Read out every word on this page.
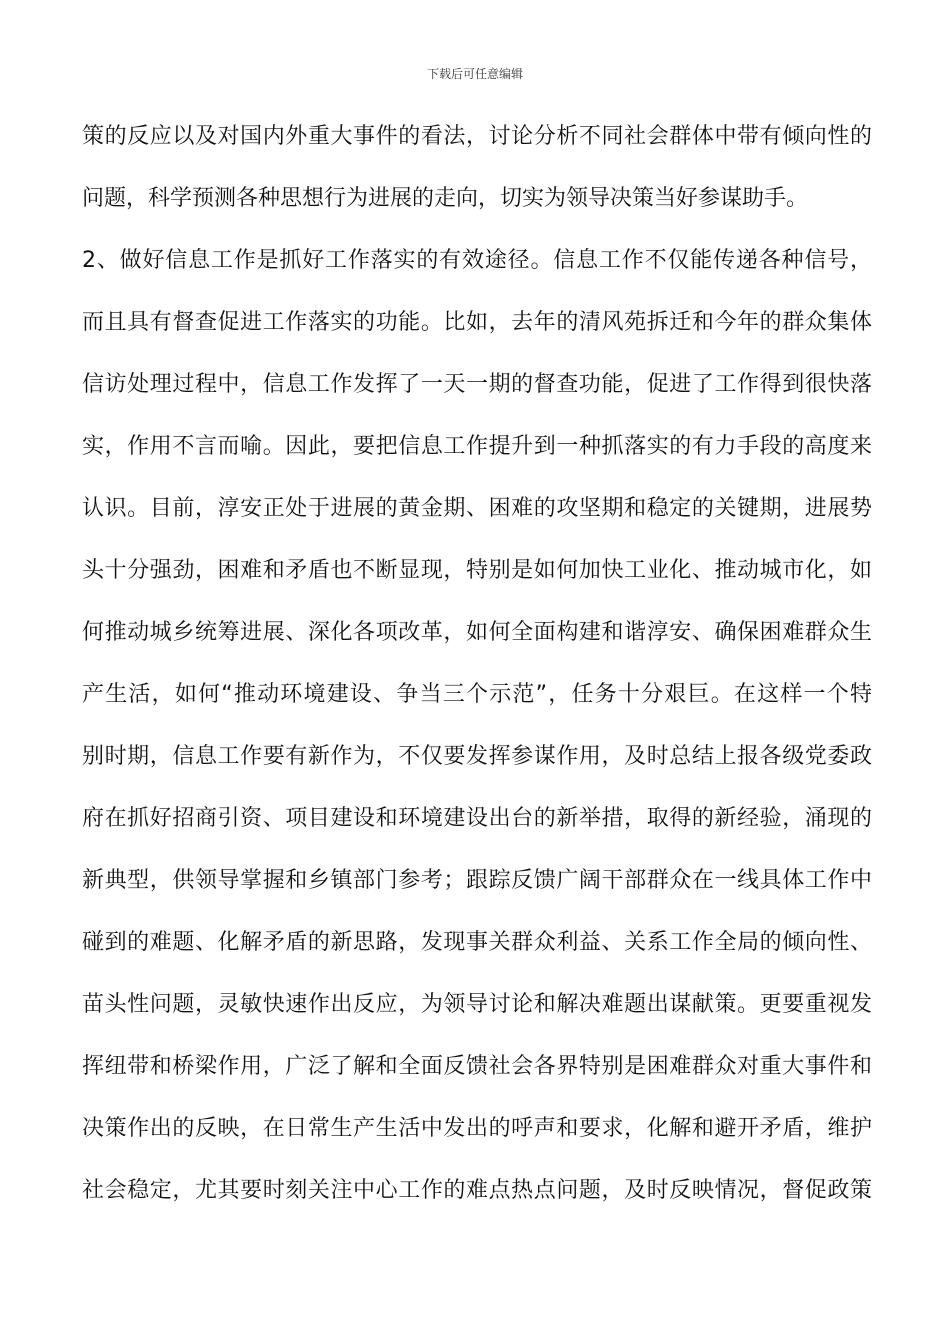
下载后可任意编辑
策的反应以及对国内外重大事件的看法，讨论分析不同社会群体中带有倾向性的
问题，科学预测各种思想行为进展的走向，切实为领导决策当好参谋助手。
2、做好信息工作是抓好工作落实的有效途径。信息工作不仅能传递各种信号，
而且具有督查促进工作落实的功能。比如，去年的清风苑拆迁和今年的群众集体
信访处理过程中，信息工作发挥了一天一期的督查功能，促进了工作得到很快落
实，作用不言而喻。因此，要把信息工作提升到一种抓落实的有力手段的高度来
认识。目前，淳安正处于进展的黄金期、困难的攻坚期和稳定的关键期，进展势
头十分强劲，困难和矛盾也不断显现，特别是如何加快工业化、推动城市化，如
何推动城乡统筹进展、深化各项改革，如何全面构建和谐淳安、确保困难群众生
产生活，如何“推动环境建设、争当三个示范”，任务十分艰巨。在这样一个特
别时期，信息工作要有新作为，不仅要发挥参谋作用，及时总结上报各级党委政
府在抓好招商引资、项目建设和环境建设出台的新举措，取得的新经验，涌现的
新典型，供领导掌握和乡镇部门参考；跟踪反馈广阔干部群众在一线具体工作中
碰到的难题、化解矛盾的新思路，发现事关群众利益、关系工作全局的倾向性、
苗头性问题，灵敏快速作出反应，为领导讨论和解决难题出谋献策。更要重视发
挥纽带和桥梁作用，广泛了解和全面反馈社会各界特别是困难群众对重大事件和
决策作出的反映，在日常生产生活中发出的呼声和要求，化解和避开矛盾，维护
社会稳定，尤其要时刻关注中心工作的难点热点问题，及时反映情况，督促政策
